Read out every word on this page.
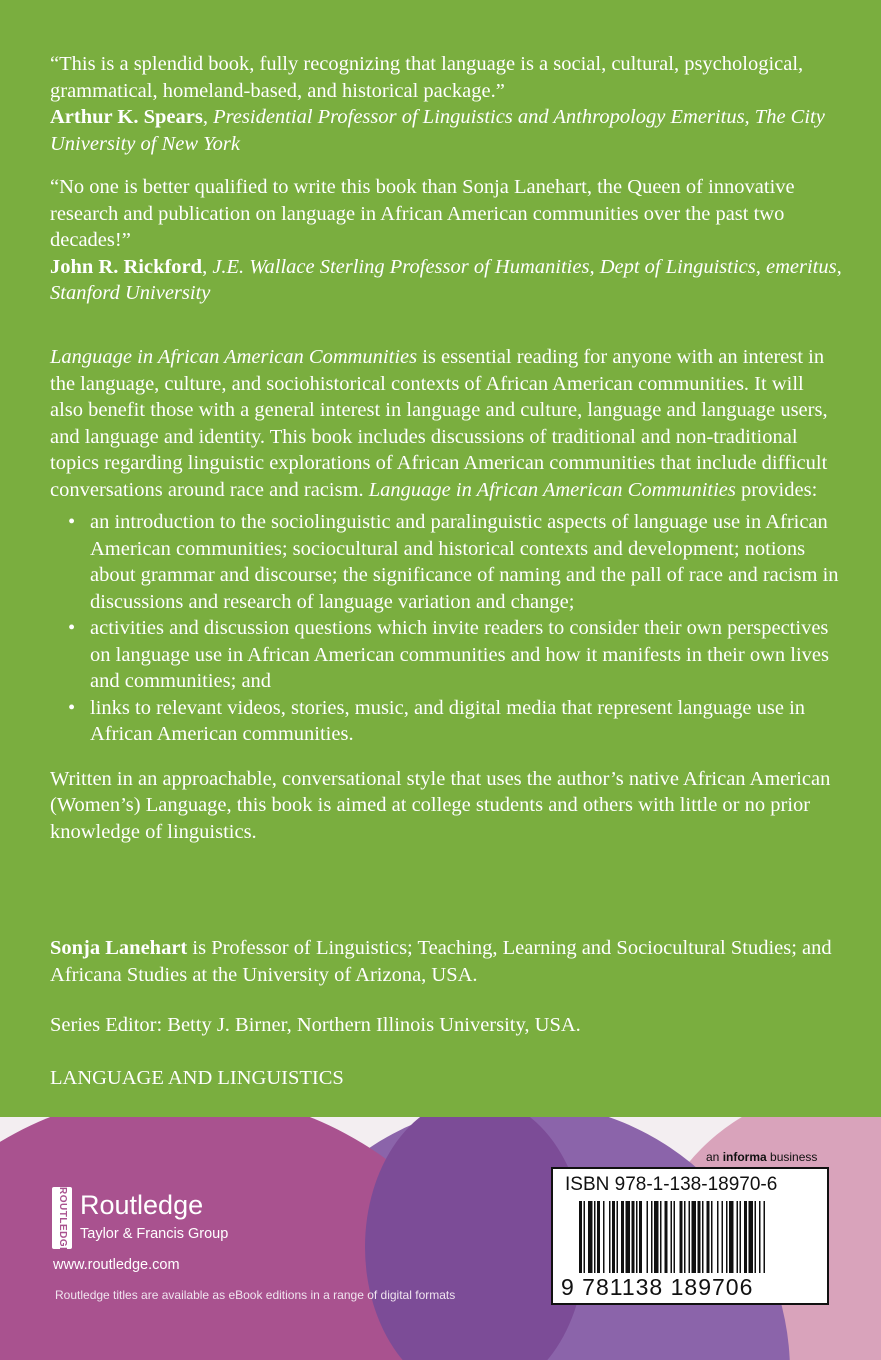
“This is a splendid book, fully recognizing that language is a social, cultural, psychological, grammatical, homeland-based, and historical package.”

Arthur K. Spears, Presidential Professor of Linguistics and Anthropology Emeritus, The City University of New York

“No one is better qualified to write this book than Sonja Lanehart, the Queen of innovative research and publication on language in African American communities over the past two decades!”

John R. Rickford, J.E. Wallace Sterling Professor of Humanities, Dept of Linguistics, emeritus, Stanford University

Language in African American Communities is essential reading for anyone with an interest in the language, culture, and sociohistorical contexts of African American communities. It will also benefit those with a general interest in language and culture, language and language users, and language and identity. This book includes discussions of traditional and non-traditional topics regarding linguistic explorations of African American communities that include difficult conversations around race and racism. Language in African American Communities provides:

• an introduction to the sociolinguistic and paralinguistic aspects of language use in African American communities; sociocultural and historical contexts and development; notions about grammar and discourse; the significance of naming and the pall of race and racism in discussions and research of language variation and change;
• activities and discussion questions which invite readers to consider their own perspectives on language use in African American communities and how it manifests in their own lives and communities; and
• links to relevant videos, stories, music, and digital media that represent language use in African American communities.

Written in an approachable, conversational style that uses the author’s native African American (Women’s) Language, this book is aimed at college students and others with little or no prior knowledge of linguistics.

Sonja Lanehart is Professor of Linguistics; Teaching, Learning and Sociocultural Studies; and Africana Studies at the University of Arizona, USA.
Series Editor: Betty J. Birner, Northern Illinois University, USA.
LANGUAGE AND LINGUISTICS
ROUTLEDGE Routledge
Taylor & Francis Group
www.routledge.com
Routledge titles are available as eBook editions in a range of digital formats
an informa business
ISBN 978-1-138-18970-6
9 781138 189706
